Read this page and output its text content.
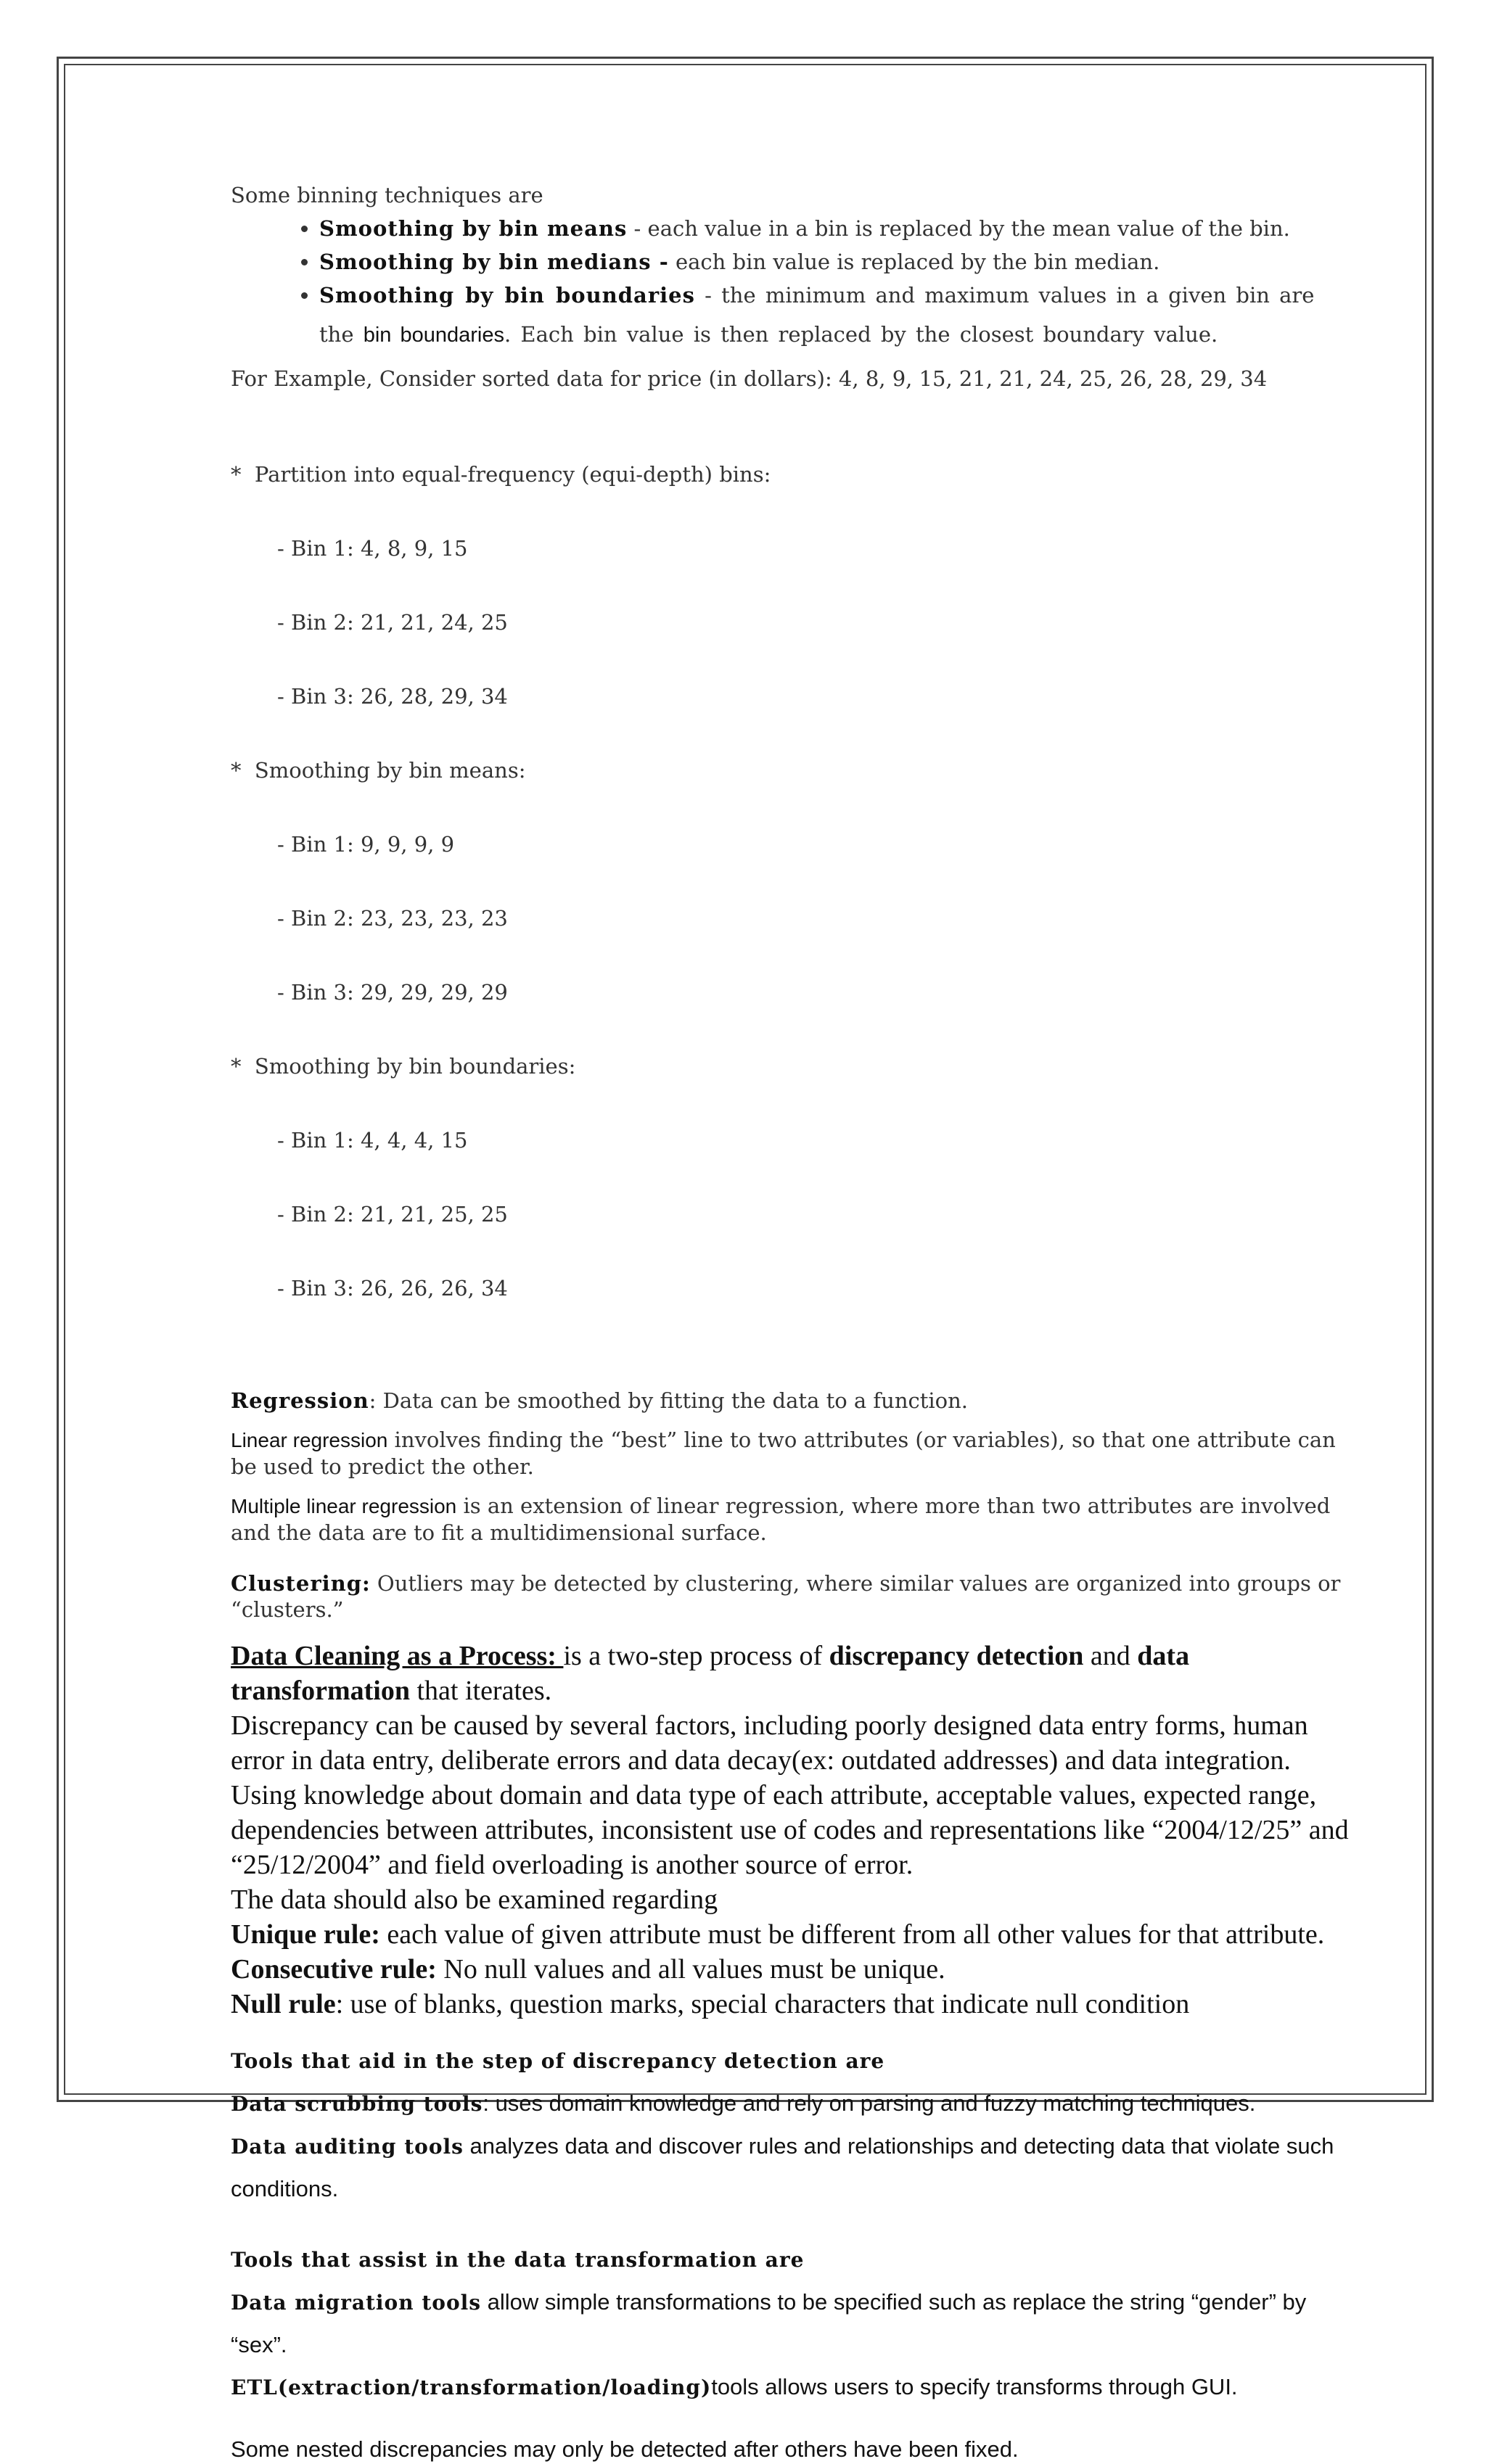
Some binning techniques are
• Smoothing by bin means - each value in a bin is replaced by the mean value of the bin.
• Smoothing by bin medians - each bin value is replaced by the bin median.
• Smoothing by bin boundaries - the minimum and maximum values in a given bin are
the bin boundaries. Each bin value is then replaced by the closest boundary value.
For Example, Consider sorted data for price (in dollars): 4, 8, 9, 15, 21, 21, 24, 25, 26, 28, 29, 34

*  Partition into equal-frequency (equi-depth) bins:

- Bin 1: 4, 8, 9, 15

- Bin 2: 21, 21, 24, 25

- Bin 3: 26, 28, 29, 34

*  Smoothing by bin means:

- Bin 1: 9, 9, 9, 9

- Bin 2: 23, 23, 23, 23

- Bin 3: 29, 29, 29, 29

*  Smoothing by bin boundaries:

- Bin 1: 4, 4, 4, 15

- Bin 2: 21, 21, 25, 25

- Bin 3: 26, 26, 26, 34

Regression: Data can be smoothed by fitting the data to a function.
Linear regression involves finding the “best” line to two attributes (or variables), so that one attribute can be used to predict the other.
Multiple linear regression is an extension of linear regression, where more than two attributes are involved and the data are to fit a multidimensional surface.
Clustering: Outliers may be detected by clustering, where similar values are organized into groups or “clusters.”
Data Cleaning as a Process: is a two-step process of discrepancy detection and data transformation that iterates.
Discrepancy can be caused by several factors, including poorly designed data entry forms, human error in data entry, deliberate errors and data decay(ex: outdated addresses) and data integration. Using knowledge about domain and data type of each attribute, acceptable values, expected range, dependencies between attributes, inconsistent use of codes and representations like “2004/12/25” and “25/12/2004” and field overloading is another source of error.
The data should also be examined regarding
Unique rule: each value of given attribute must be different from all other values for that attribute.
Consecutive rule: No null values and all values must be unique.
Null rule: use of blanks, question marks, special characters that indicate null condition
Tools that aid in the step of discrepancy detection are
Data scrubbing tools: uses domain knowledge and rely on parsing and fuzzy matching techniques.
Data auditing tools analyzes data and discover rules and relationships and detecting data that violate such conditions.
Tools that assist in the data transformation are
Data migration tools allow simple transformations to be specified such as replace the string “gender” by “sex”.
ETL(extraction/transformation/loading)tools allows users to specify transforms through GUI.
Some nested discrepancies may only be detected after others have been fixed.
